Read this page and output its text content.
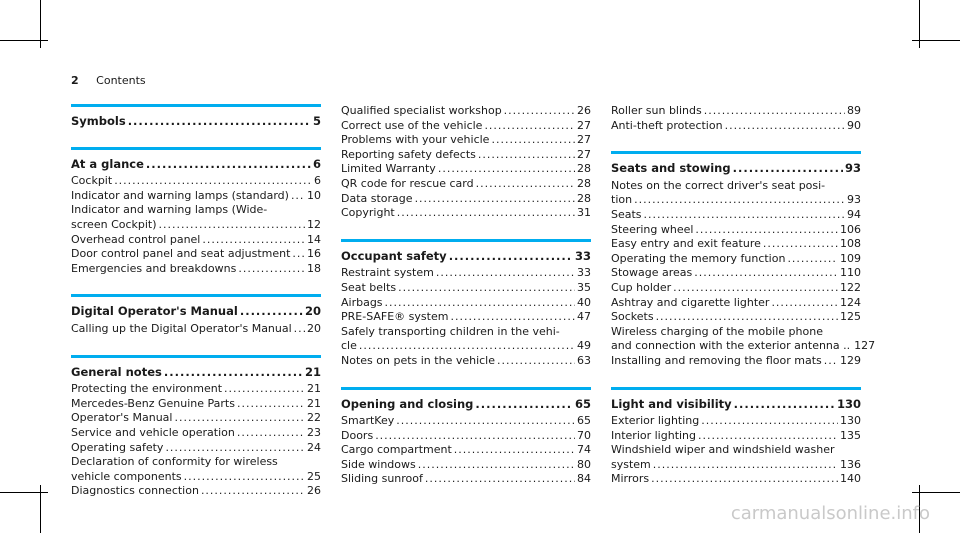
2 Contents
Symbols .....	5
At a glance .....	6
Cockpit .....	6
Indicator and warning lamps (standard) ..... 10
Indicator and warning lamps (Wide-
screen Cockpit) .....	12
Overhead control panel .....	14
Door control panel and seat adjustment ..... 16
Emergencies and breakdowns .....	18
Digital Operator's Manual .....	20
Calling up the Digital Operator's Manual ..... 20
General notes .....	21
Protecting the environment .....	21
Mercedes-Benz Genuine Parts .....	21
Operator's Manual .....	22
Service and vehicle operation .....	23
Operating safety .....	24
Declaration of conformity for wireless
vehicle components .....	25
Diagnostics connection .....	26
Qualified specialist workshop .....	26
Correct use of the vehicle .....	27
Problems with your vehicle .....	27
Reporting safety defects .....	27
Limited Warranty .....	28
QR code for rescue card .....	28
Data storage .....	28
Copyright .....	31
Occupant safety .....	33
Restraint system .....	33
Seat belts .....	35
Airbags .....	40
PRE-SAFE® system .....	47
Safely transporting children in the vehi-
cle .....	49
Notes on pets in the vehicle .....	63
Opening and closing .....	65
SmartKey .....	65
Doors .....	70
Cargo compartment .....	74
Side windows .....	80
Sliding sunroof .....	84
Roller sun blinds .....	89
Anti-theft protection .....	90
Seats and stowing .....	93
Notes on the correct driver's seat posi-
tion .....	93
Seats .....	94
Steering wheel .....	106
Easy entry and exit feature .....	108
Operating the memory function .....	109
Stowage areas .....	110
Cup holder .....	122
Ashtray and cigarette lighter .....	124
Sockets .....	125
Wireless charging of the mobile phone
and connection with the exterior antenna .. 127
Installing and removing the floor mats ..... 129
Light and visibility .....	130
Exterior lighting .....	130
Interior lighting .....	135
Windshield wiper and windshield washer
system .....	136
Mirrors .....	140
carmanualsonline.info
